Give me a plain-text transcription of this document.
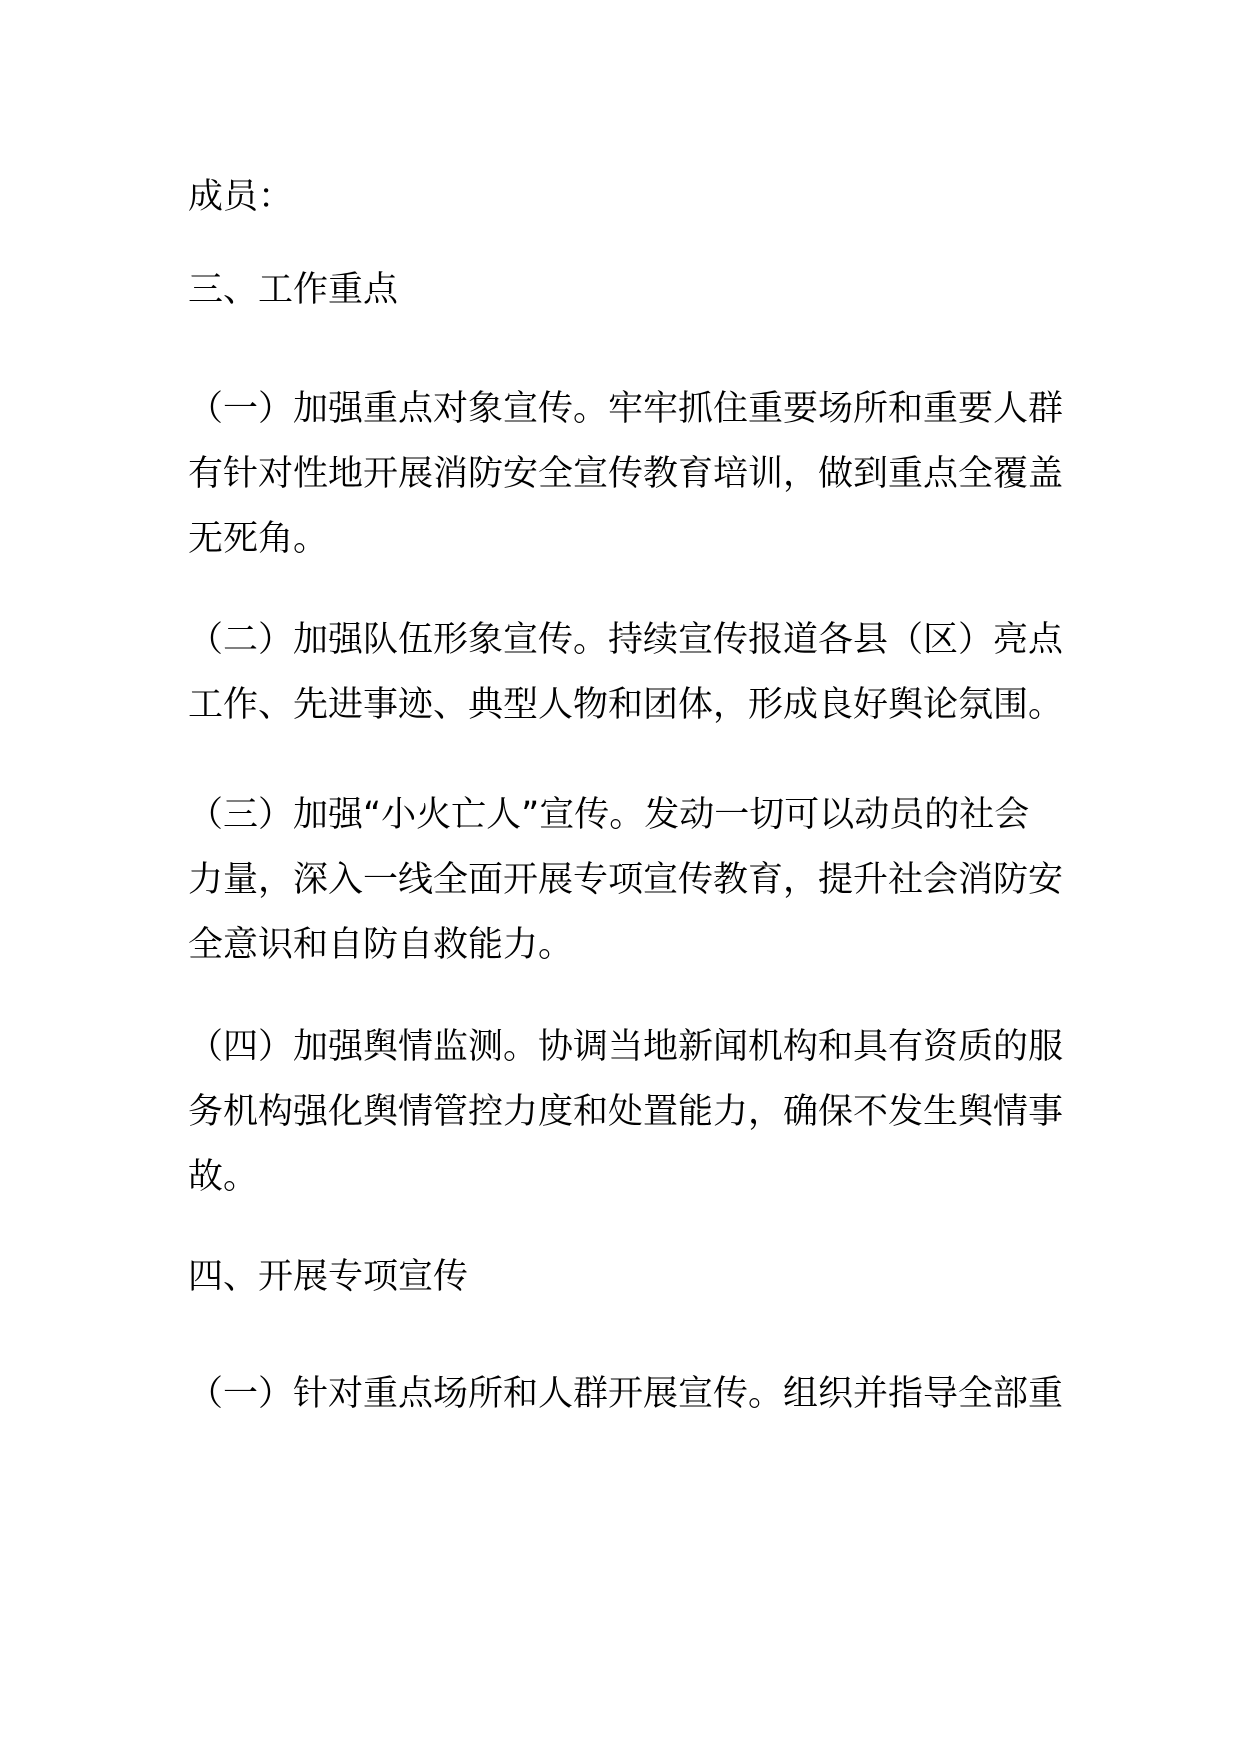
成员：
三、工作重点
（一）加强重点对象宣传。牢牢抓住重要场所和重要人群
有针对性地开展消防安全宣传教育培训，做到重点全覆盖
无死角。
（二）加强队伍形象宣传。持续宣传报道各县（区）亮点
工作、先进事迹、典型人物和团体，形成良好舆论氛围。
（三）加强“小火亡人”宣传。发动一切可以动员的社会
力量，深入一线全面开展专项宣传教育，提升社会消防安
全意识和自防自救能力。
（四）加强舆情监测。协调当地新闻机构和具有资质的服
务机构强化舆情管控力度和处置能力，确保不发生舆情事
故。
四、开展专项宣传
（一）针对重点场所和人群开展宣传。组织并指导全部重
